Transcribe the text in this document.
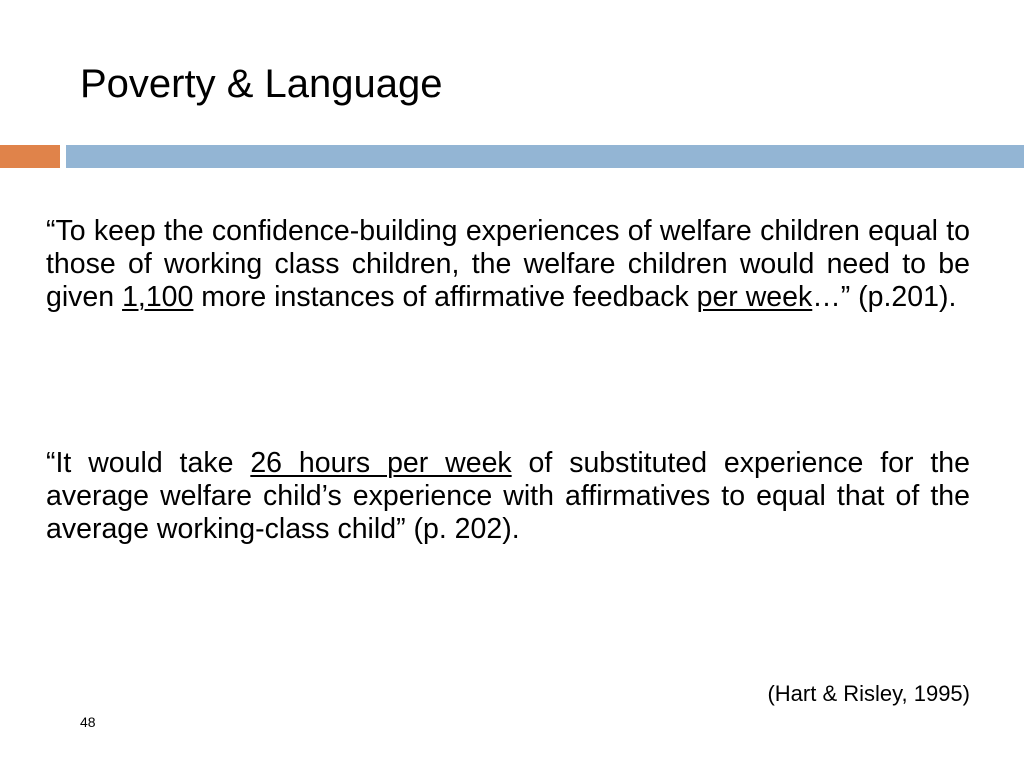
Poverty & Language

“To keep the confidence-building experiences of welfare children equal to those of working class children, the welfare children would need to be given 1,100 more instances of affirmative feedback per week…” (p.201).

“It would take 26 hours per week of substituted experience for the average welfare child’s experience with affirmatives to equal that of the average working-class child” (p. 202).

(Hart & Risley, 1995)
48
